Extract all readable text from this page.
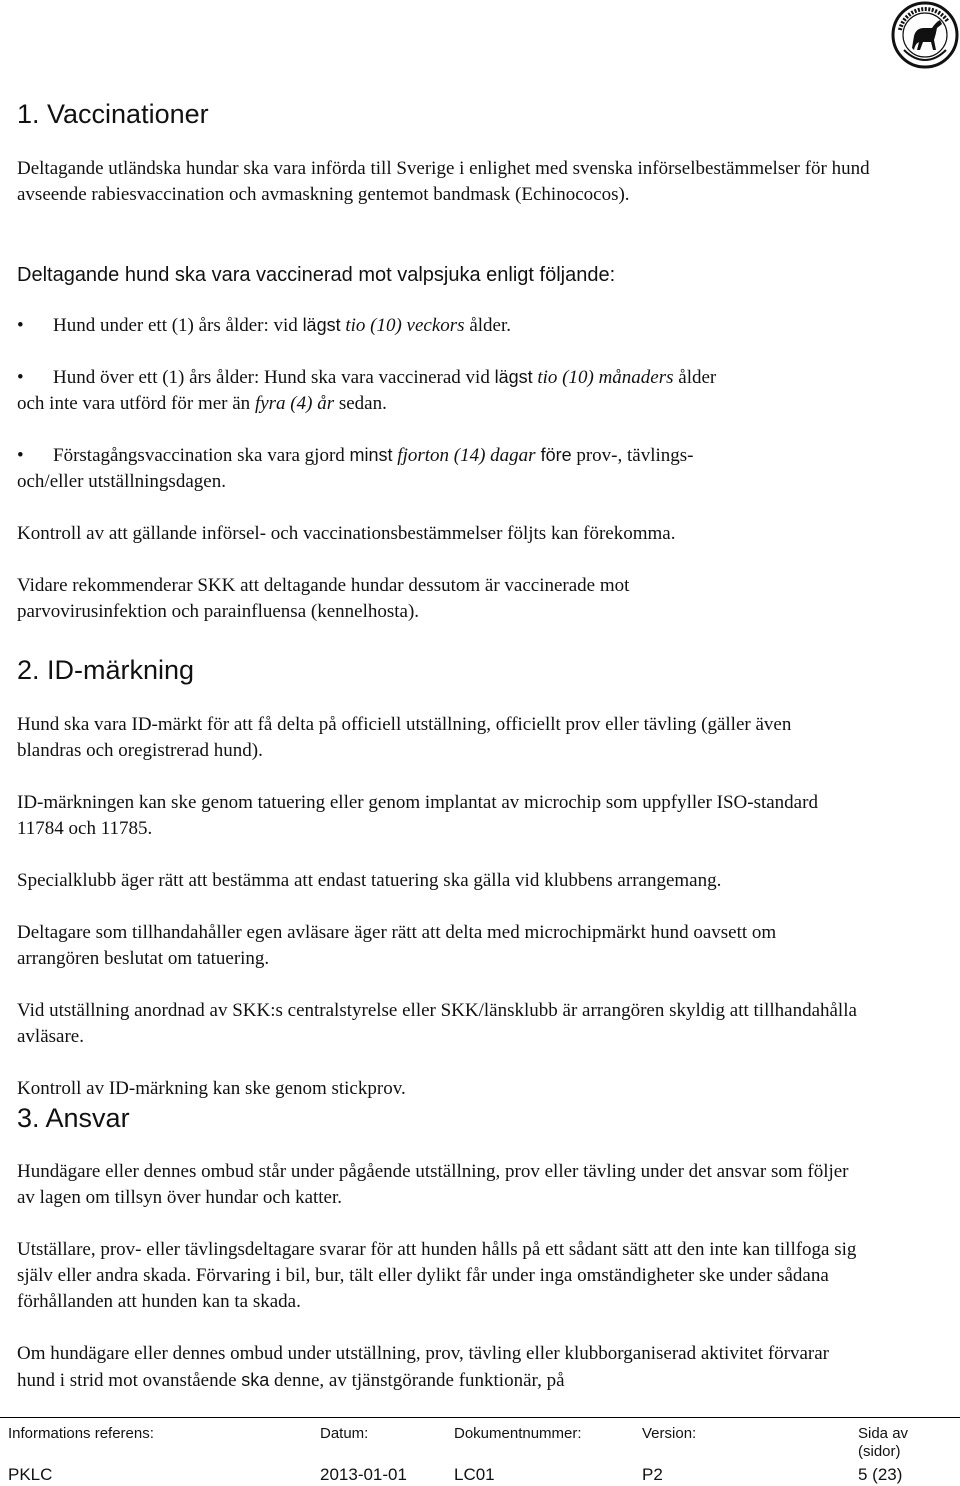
1. Vaccinationer

Deltagande utländska hundar ska vara införda till Sverige i enlighet med svenska införselbestämmelser för hund avseende rabiesvaccination och avmaskning gentemot bandmask (Echinococos).

Deltagande hund ska vara vaccinerad mot valpsjuka enligt följande:

• Hund under ett (1) års ålder: vid lägst tio (10) veckors ålder.

• Hund över ett (1) års ålder: Hund ska vara vaccinerad vid lägst tio (10) månaders ålder
och inte vara utförd för mer än fyra (4) år sedan.

• Förstagångsvaccination ska vara gjord minst fjorton (14) dagar före prov-, tävlings-
och/eller utställningsdagen.

Kontroll av att gällande införsel- och vaccinationsbestämmelser följts kan förekomma.

Vidare rekommenderar SKK att deltagande hundar dessutom är vaccinerade mot parvovirusinfektion och parainfluensa (kennelhosta).

2. ID-märkning

Hund ska vara ID-märkt för att få delta på officiell utställning, officiellt prov eller tävling (gäller även blandras och oregistrerad hund).

ID-märkningen kan ske genom tatuering eller genom implantat av microchip som uppfyller ISO-standard 11784 och 11785.

Specialklubb äger rätt att bestämma att endast tatuering ska gälla vid klubbens arrangemang.

Deltagare som tillhandahåller egen avläsare äger rätt att delta med microchipmärkt hund oavsett om arrangören beslutat om tatuering.

Vid utställning anordnad av SKK:s centralstyrelse eller SKK/länsklubb är arrangören skyldig att tillhandahålla avläsare.

Kontroll av ID-märkning kan ske genom stickprov.

3. Ansvar

Hundägare eller dennes ombud står under pågående utställning, prov eller tävling under det ansvar som följer av lagen om tillsyn över hundar och katter.

Utställare, prov- eller tävlingsdeltagare svarar för att hunden hålls på ett sådant sätt att den inte kan tillfoga sig själv eller andra skada. Förvaring i bil, bur, tält eller dylikt får under inga omständigheter ske under sådana förhållanden att hunden kan ta skada.

Om hundägare eller dennes ombud under utställning, prov, tävling eller klubborganiserad aktivitet förvarar hund i strid mot ovanstående ska denne, av tjänstgörande funktionär, på

Informations referens:	Datum:	Dokumentnummer:	Version:	Sida av
(sidor)
PKLC	2013-01-01	LC01	P2	5 (23)
